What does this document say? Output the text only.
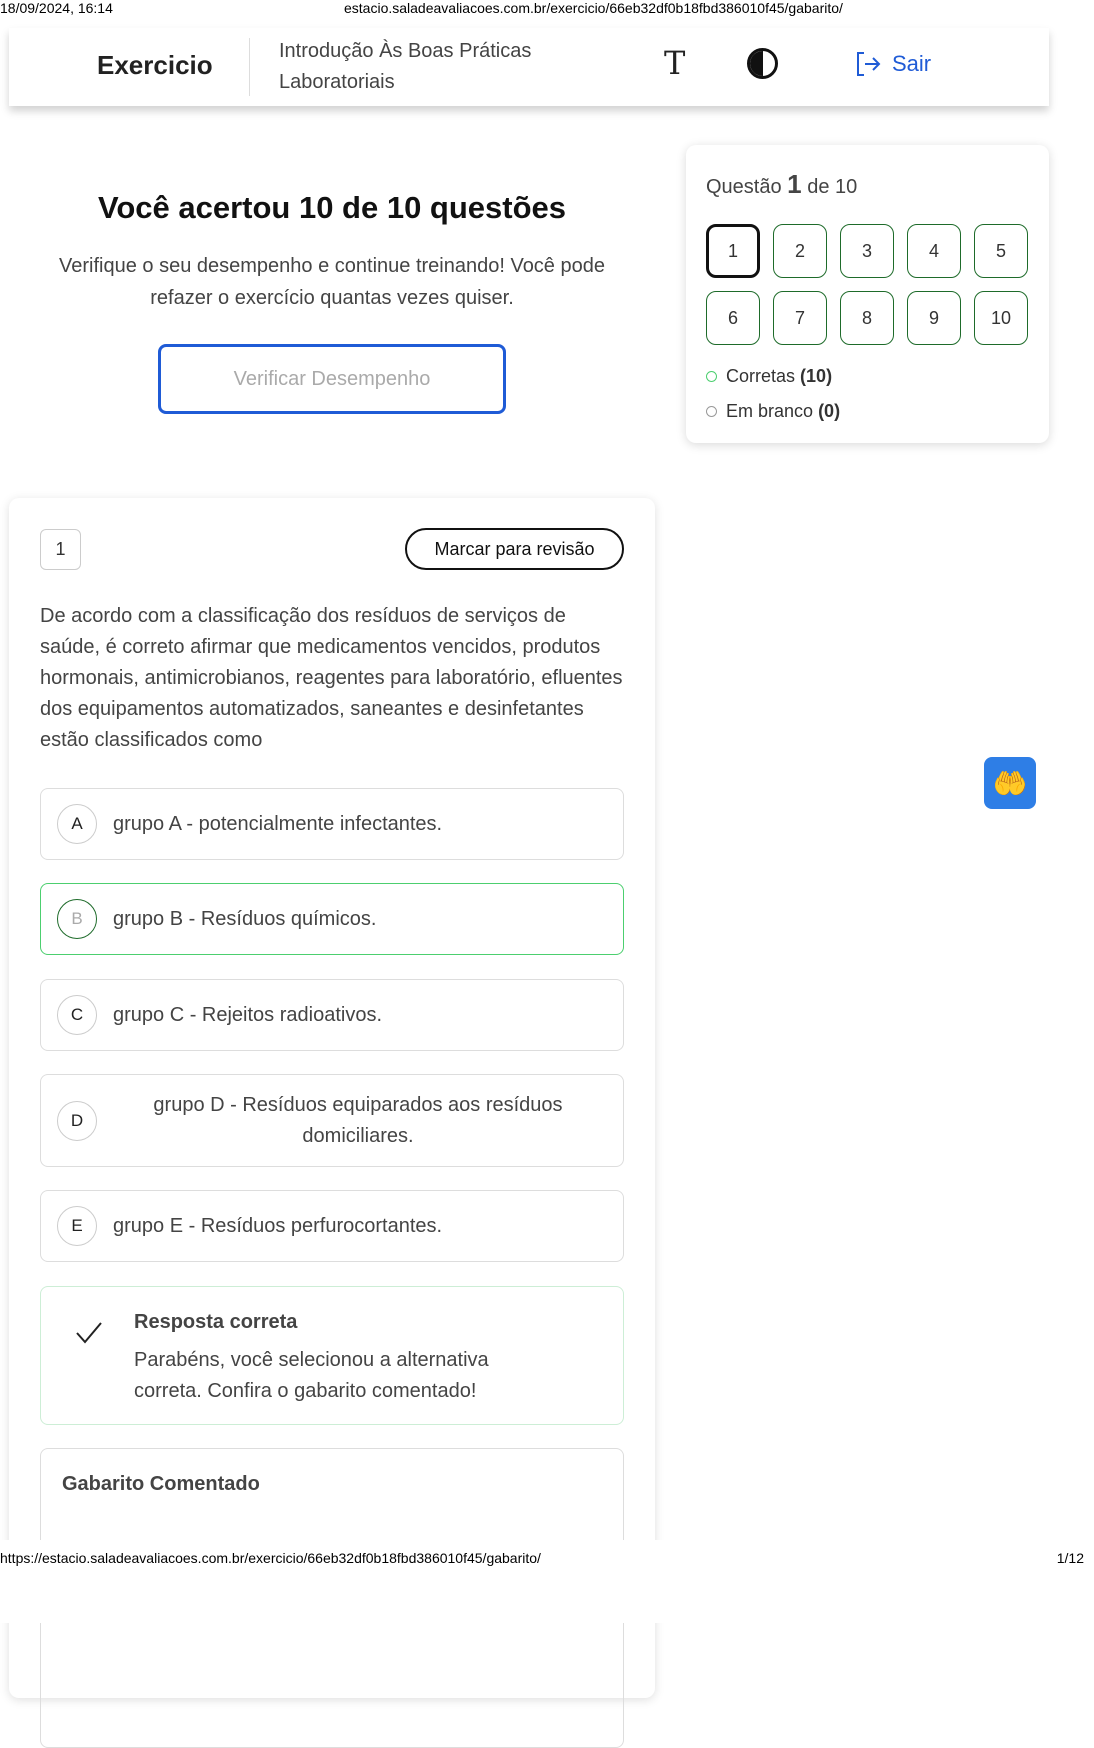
18/09/2024, 16:14	estacio.saladeavaliacoes.com.br/exercicio/66eb32df0b18fbd386010f45/gabarito/
Exercicio	Introdução Às Boas Práticas
Laboratoriais	T	Sair
Você acertou 10 de 10 questões
Verifique o seu desempenho e continue treinando! Você pode refazer o exercício quantas vezes quiser.
Verificar Desempenho
Questão 1 de 10
1	2	3	4	5
6	7	8	9	10
Corretas (10)
Em branco (0)
1	Marcar para revisão
De acordo com a classificação dos resíduos de serviços de saúde, é correto afirmar que medicamentos vencidos, produtos hormonais, antimicrobianos, reagentes para laboratório, efluentes dos equipamentos automatizados, saneantes e desinfetantes estão classificados como
A	grupo A - potencialmente infectantes.
B	grupo B - Resíduos químicos.
C	grupo C - Rejeitos radioativos.
D
grupo D - Resíduos equiparados aos resíduos domiciliares.
E	grupo E - Resíduos perfurocortantes.
Resposta correta
Parabéns, você selecionou a alternativa correta. Confira o gabarito comentado!
Gabarito Comentado
🤲
https://estacio.saladeavaliacoes.com.br/exercicio/66eb32df0b18fbd386010f45/gabarito/	1/12
